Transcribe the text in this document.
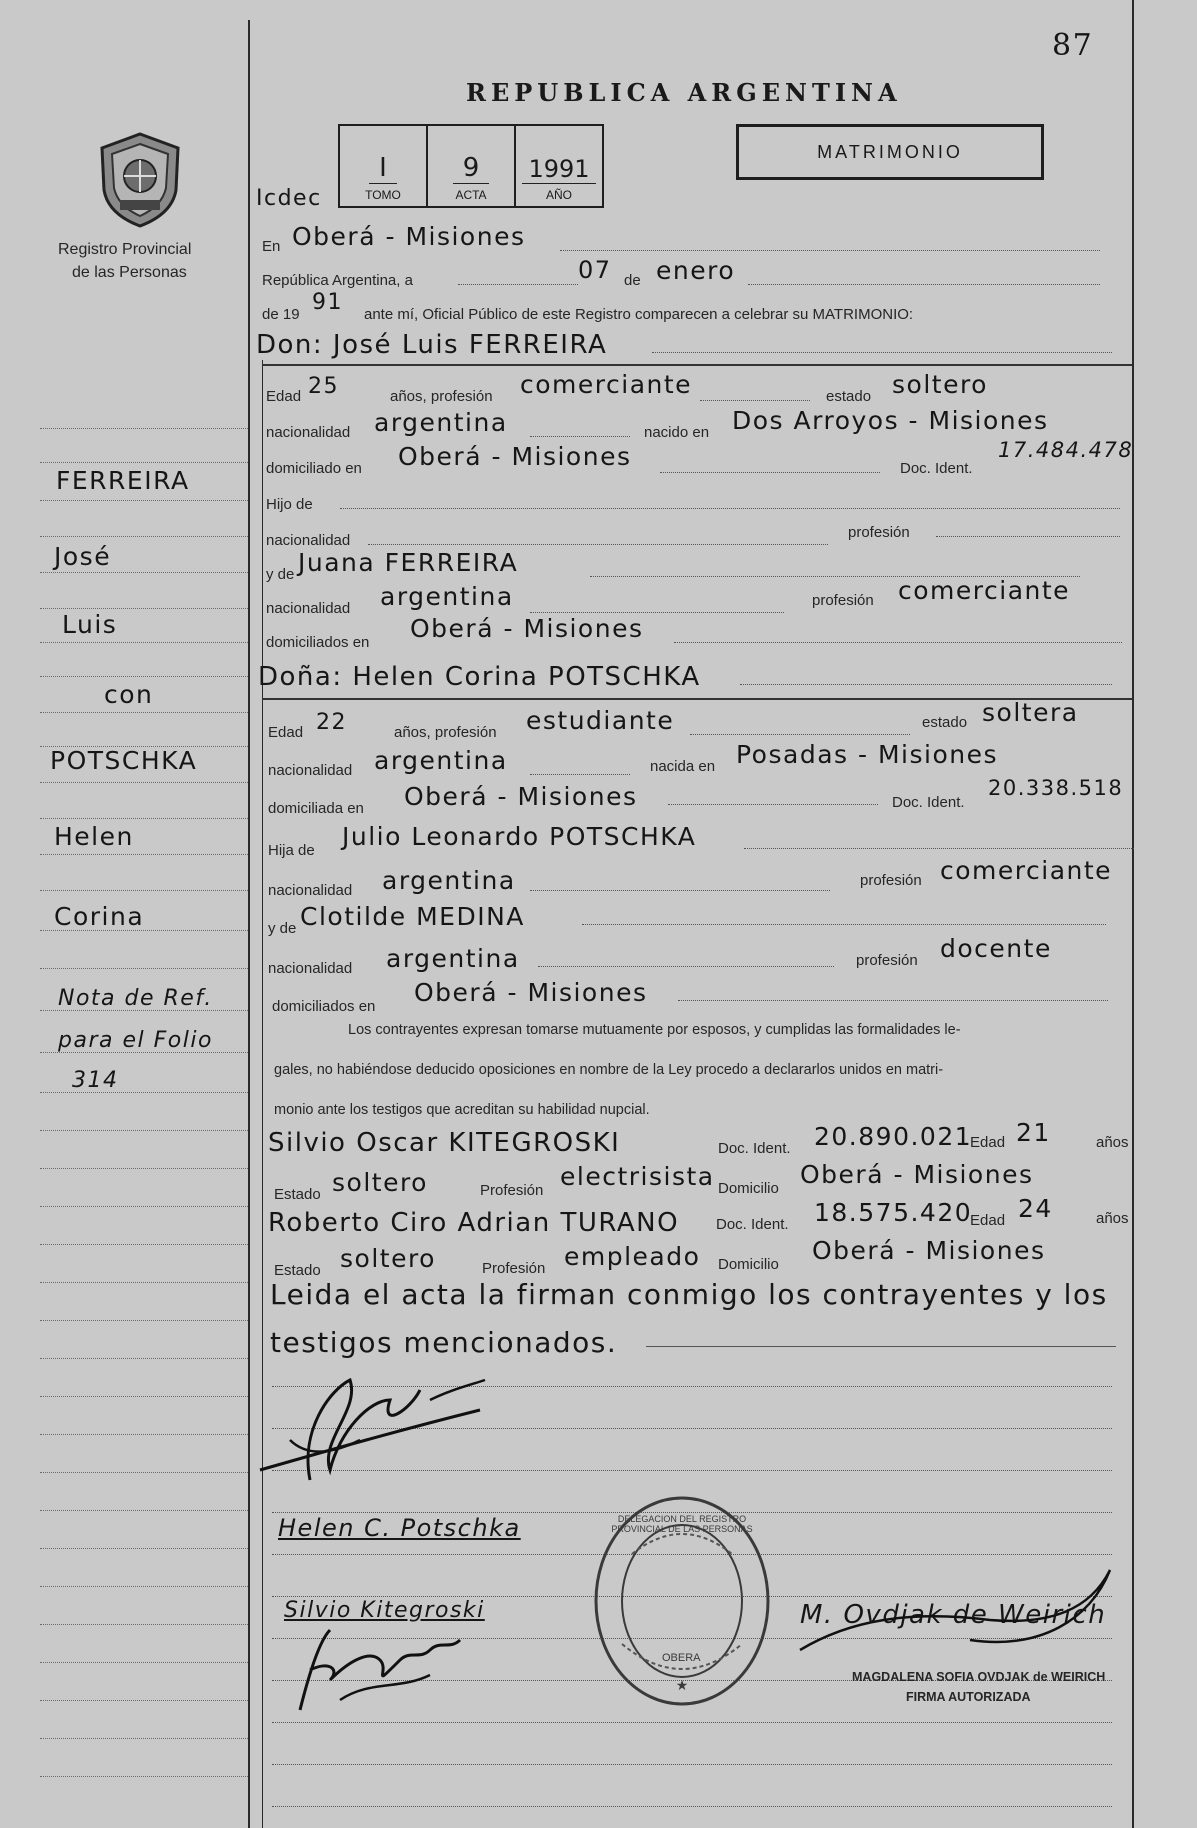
87
REPUBLICA ARGENTINA
MATRIMONIO
Registro Provincial
de las Personas
Icdec
I
TOMO
9
ACTA
1991
AÑO
FERREIRA
José
Luis
con
POTSCHKA
Helen
Corina
Nota de Ref.
para el Folio
314
En Oberá - Misiones
República Argentina, a	07 de enero
de 19 91 ante mí, Oficial Público de este Registro comparecen a celebrar su MATRIMONIO:
Don: José Luis FERREIRA
Edad 25	años, profesión comerciante	estado soltero
nacionalidad argentina	nacido en Dos Arroyos - Misiones
domiciliado en Oberá - Misiones	Doc. Ident.
17.484.478
Hijo de
nacionalidad	profesión
y de Juana FERREIRA
nacionalidad argentina	profesión comerciante
domiciliados en Oberá - Misiones
Doña: Helen Corina POTSCHKA
Edad 22	años, profesión estudiante	estado soltera
nacionalidad argentina	nacida en Posadas - Misiones
domiciliada en Oberá - Misiones	Doc. Ident.
20.338.518
Hija de Julio Leonardo POTSCHKA
nacionalidad argentina	profesión comerciante
y de Clotilde MEDINA
nacionalidad argentina	profesión docente
domiciliados en Oberá - Misiones
Los contrayentes expresan tomarse mutuamente por esposos, y cumplidas las formalidades le-
gales, no habiéndose deducido oposiciones en nombre de la Ley procedo a declararlos unidos en matri-
monio ante los testigos que acreditan su habilidad nupcial.
Silvio Oscar KITEGROSKI	Doc. Ident. 20.890.021
Edad 21	años
Estado soltero	Profesión electrisista Domicilio Oberá - Misiones
Roberto Ciro Adrian TURANO Doc. Ident. 18.575.420
Edad 24	años
Estado soltero	Profesión empleado Domicilio Oberá - Misiones
Leida el acta la firman conmigo los contrayentes y los
testigos mencionados.
Helen C. Potschka
Silvio Kitegroski
★
DELEGACION DEL REGISTRO PROVINCIAL DE LAS PERSONAS
OBERA
M. Ovdjak de Weirich
MAGDALENA SOFIA OVDJAK de WEIRICH
FIRMA AUTORIZADA
